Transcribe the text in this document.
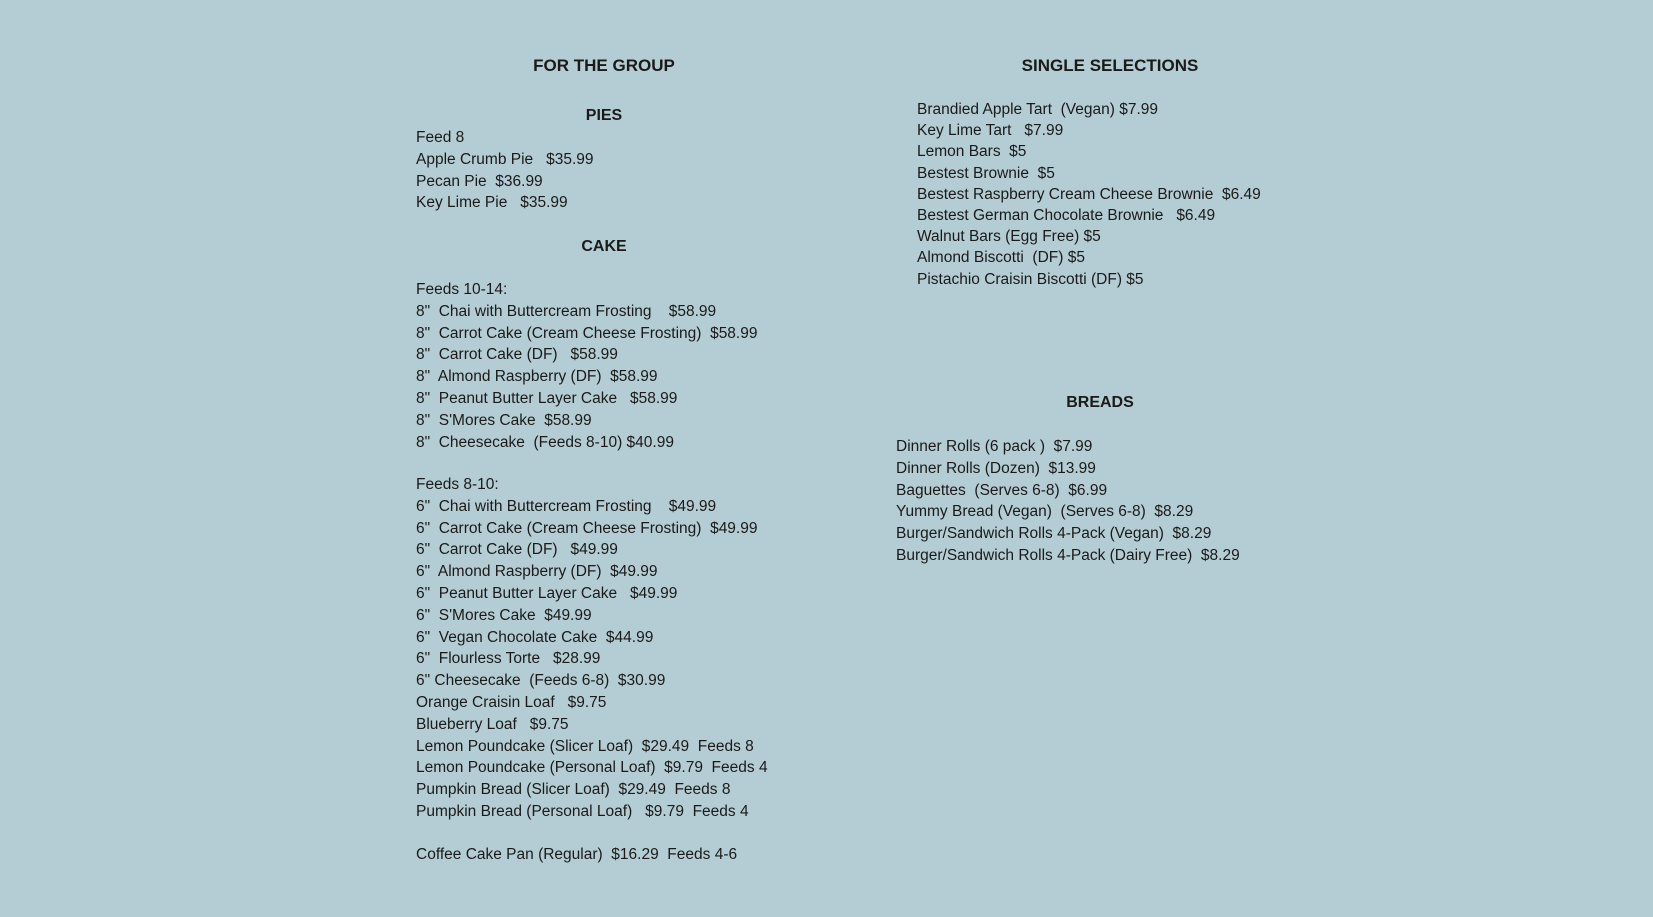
FOR THE GROUP
PIES
Feed 8
Apple Crumb Pie   $35.99
Pecan Pie  $36.99
Key Lime Pie   $35.99
CAKE
Feeds 10-14:
8"  Chai with Buttercream Frosting    $58.99
8"  Carrot Cake (Cream Cheese Frosting)  $58.99
8"  Carrot Cake (DF)   $58.99
8"  Almond Raspberry (DF)  $58.99
8"  Peanut Butter Layer Cake   $58.99
8"  S'Mores Cake  $58.99
8"  Cheesecake  (Feeds 8-10) $40.99
Feeds 8-10:
6"  Chai with Buttercream Frosting    $49.99
6"  Carrot Cake (Cream Cheese Frosting)  $49.99
6"  Carrot Cake (DF)   $49.99
6"  Almond Raspberry (DF)  $49.99
6"  Peanut Butter Layer Cake   $49.99
6"  S'Mores Cake  $49.99
6"  Vegan Chocolate Cake  $44.99
6"  Flourless Torte   $28.99
6" Cheesecake  (Feeds 6-8)  $30.99
Orange Craisin Loaf   $9.75
Blueberry Loaf   $9.75
Lemon Poundcake (Slicer Loaf)  $29.49  Feeds 8
Lemon Poundcake (Personal Loaf)  $9.79  Feeds 4
Pumpkin Bread (Slicer Loaf)  $29.49  Feeds 8
Pumpkin Bread (Personal Loaf)   $9.79  Feeds 4
Coffee Cake Pan (Regular)  $16.29  Feeds 4-6
SINGLE SELECTIONS
Brandied Apple Tart  (Vegan) $7.99
Key Lime Tart   $7.99
Lemon Bars  $5
Bestest Brownie  $5
Bestest Raspberry Cream Cheese Brownie  $6.49
Bestest German Chocolate Brownie   $6.49
Walnut Bars (Egg Free) $5
Almond Biscotti  (DF) $5
Pistachio Craisin Biscotti (DF) $5
BREADS
Dinner Rolls (6 pack )  $7.99
Dinner Rolls (Dozen)  $13.99
Baguettes  (Serves 6-8)  $6.99
Yummy Bread (Vegan)  (Serves 6-8)  $8.29
Burger/Sandwich Rolls 4-Pack (Vegan)  $8.29
Burger/Sandwich Rolls 4-Pack (Dairy Free)  $8.29
